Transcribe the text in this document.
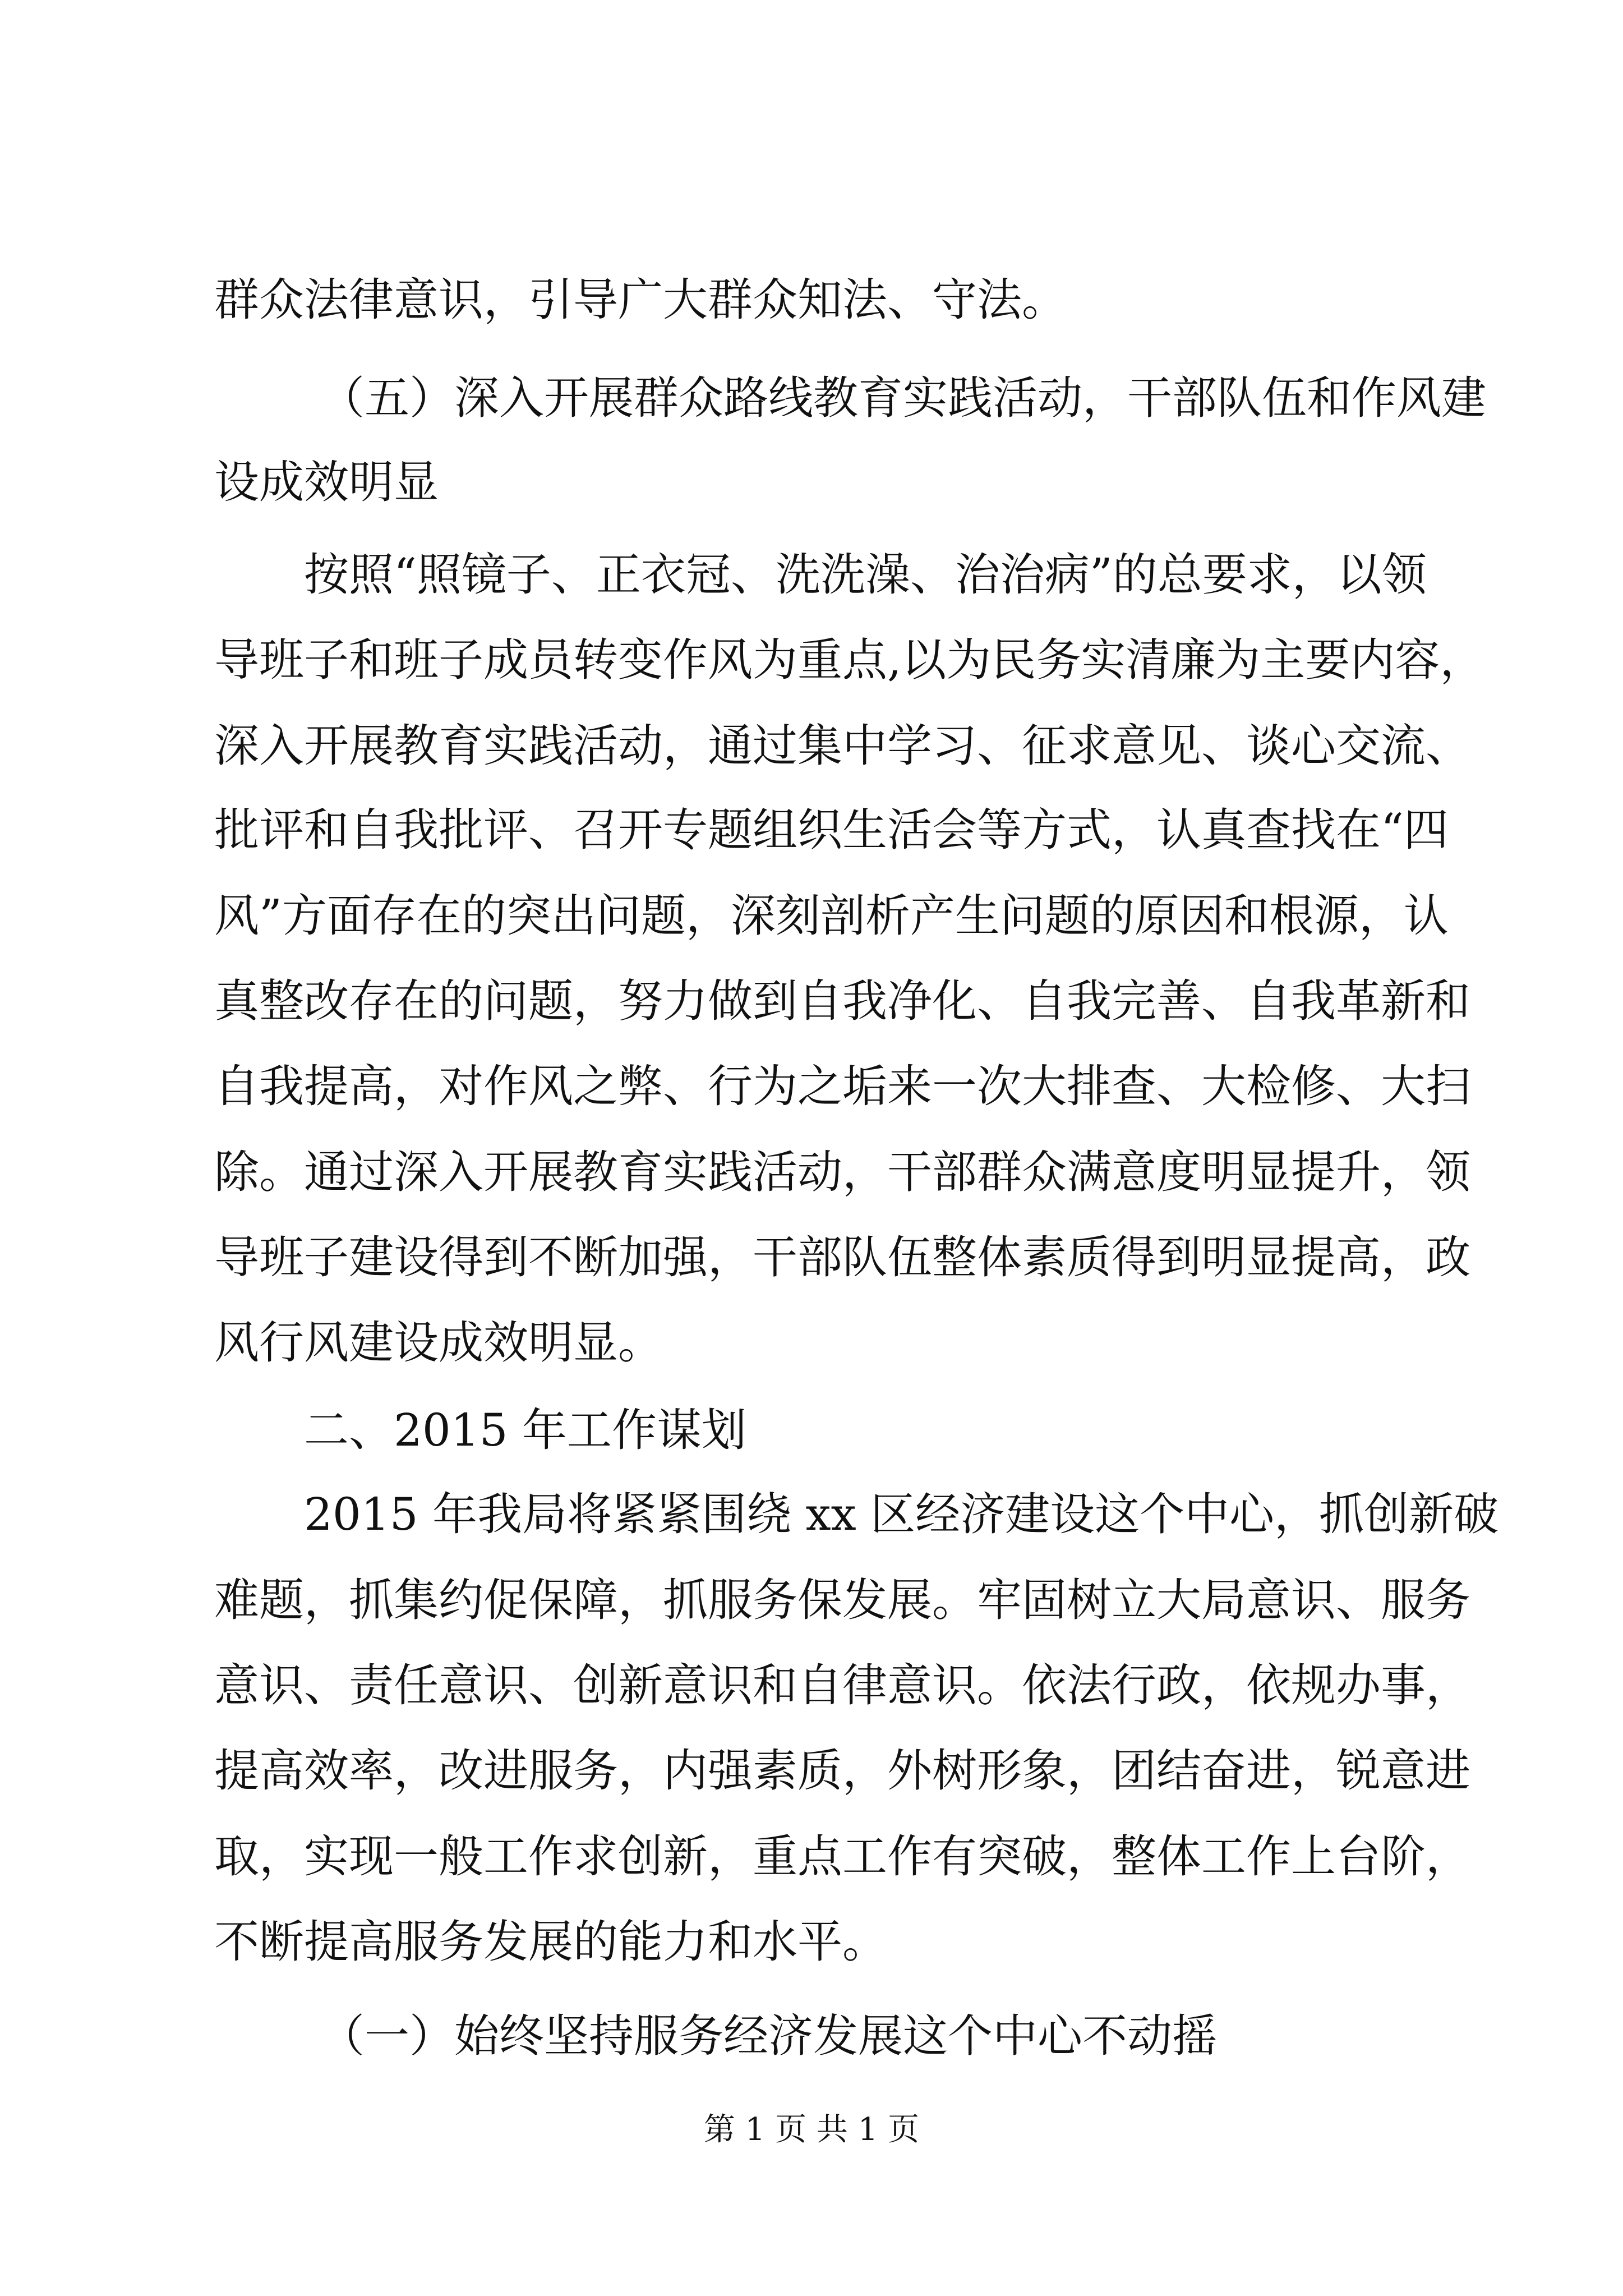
群众法律意识，引导广大群众知法、守法。

（五）深入开展群众路线教育实践活动，干部队伍和作风建

设成效明显

按照“照镜子、正衣冠、洗洗澡、治治病”的总要求，以领

导班子和班子成员转变作风为重点,以为民务实清廉为主要内容，

深入开展教育实践活动，通过集中学习、征求意见、谈心交流、

批评和自我批评、召开专题组织生活会等方式，认真查找在“四

风”方面存在的突出问题，深刻剖析产生问题的原因和根源，认

真整改存在的问题，努力做到自我净化、自我完善、自我革新和

自我提高，对作风之弊、行为之垢来一次大排查、大检修、大扫

除。通过深入开展教育实践活动，干部群众满意度明显提升，领

导班子建设得到不断加强，干部队伍整体素质得到明显提高，政

风行风建设成效明显。

二、2015 年工作谋划

2015 年我局将紧紧围绕 xx 区经济建设这个中心，抓创新破

难题，抓集约促保障，抓服务保发展。牢固树立大局意识、服务

意识、责任意识、创新意识和自律意识。依法行政，依规办事，

提高效率，改进服务，内强素质，外树形象，团结奋进，锐意进

取，实现一般工作求创新，重点工作有突破，整体工作上台阶，

不断提高服务发展的能力和水平。

（一）始终坚持服务经济发展这个中心不动摇

第 1 页 共 1 页
